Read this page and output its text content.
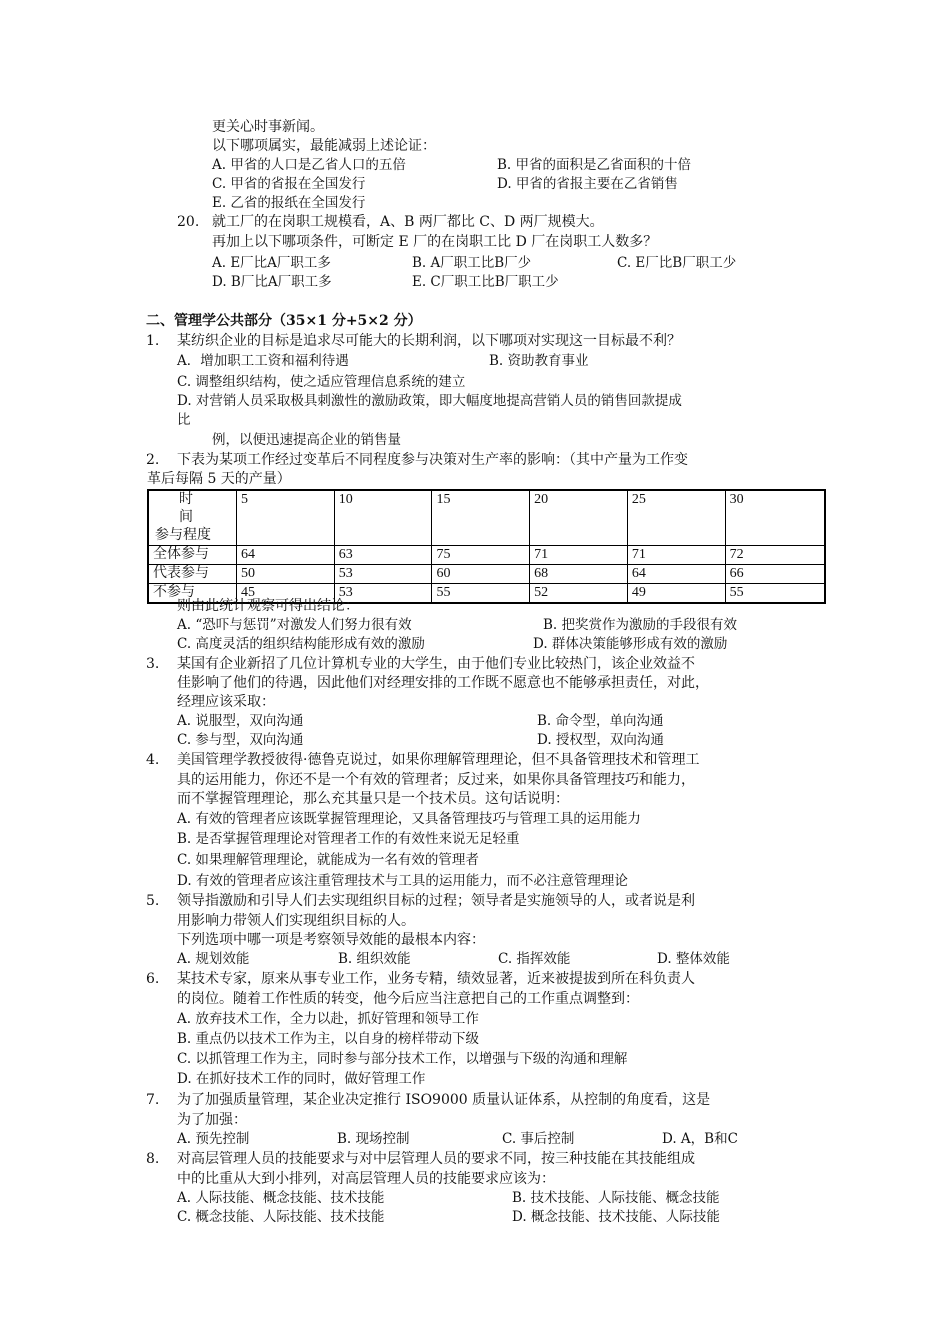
更关心时事新闻。
以下哪项属实，最能减弱上述论证：
A. 甲省的人口是乙省人口的五倍	B. 甲省的面积是乙省面积的十倍
C. 甲省的省报在全国发行	D. 甲省的省报主要在乙省销售
E. 乙省的报纸在全国发行
20. 就工厂的在岗职工规模看，A、B 两厂都比 C、D 两厂规模大。
再加上以下哪项条件，可断定 E 厂的在岗职工比 D 厂在岗职工人数多？
A. E厂比A厂职工多	B. A厂职工比B厂少	C. E厂比B厂职工少
D. B厂比A厂职工多	E. C厂职工比B厂职工少
二、管理学公共部分（35×1 分+5×2 分）
1. 某纺织企业的目标是追求尽可能大的长期利润，以下哪项对实现这一目标最不利？
A．增加职工工资和福利待遇	B. 资助教育事业
C. 调整组织结构，使之适应管理信息系统的建立
D. 对营销人员采取极具刺激性的激励政策，即大幅度地提高营销人员的销售回款提成
比
例，以便迅速提高企业的销售量
2. 下表为某项工作经过变革后不同程度参与决策对生产率的影响：（其中产量为工作变
革后每隔 5 天的产量）
时间
参与程度	5	10	15	20	25	30
全体参与	64	63	75	71	71	72
代表参与	50	53	60	68	64	66
不参与	45	53	55	52	49	55
则由此统计观察可得出结论：
A. “恐吓与惩罚”对激发人们努力很有效	B. 把奖赏作为激励的手段很有效
C. 高度灵活的组织结构能形成有效的激励	D. 群体决策能够形成有效的激励
3. 某国有企业新招了几位计算机专业的大学生，由于他们专业比较热门，该企业效益不
佳影响了他们的待遇，因此他们对经理安排的工作既不愿意也不能够承担责任，对此，
经理应该采取：
A. 说服型，双向沟通	B. 命令型，单向沟通
C. 参与型，双向沟通	D. 授权型，双向沟通
4. 美国管理学教授彼得·德鲁克说过，如果你理解管理理论，但不具备管理技术和管理工
具的运用能力，你还不是一个有效的管理者；反过来，如果你具备管理技巧和能力，
而不掌握管理理论，那么充其量只是一个技术员。这句话说明：
A. 有效的管理者应该既掌握管理理论，又具备管理技巧与管理工具的运用能力
B. 是否掌握管理理论对管理者工作的有效性来说无足轻重
C. 如果理解管理理论，就能成为一名有效的管理者
D. 有效的管理者应该注重管理技术与工具的运用能力，而不必注意管理理论
5. 领导指激励和引导人们去实现组织目标的过程；领导者是实施领导的人，或者说是利
用影响力带领人们实现组织目标的人。
下列选项中哪一项是考察领导效能的最根本内容：
A. 规划效能	B. 组织效能	C. 指挥效能	D. 整体效能
6. 某技术专家，原来从事专业工作，业务专精，绩效显著，近来被提拔到所在科负责人
的岗位。随着工作性质的转变，他今后应当注意把自己的工作重点调整到：
A. 放弃技术工作，全力以赴，抓好管理和领导工作
B. 重点仍以技术工作为主，以自身的榜样带动下级
C. 以抓管理工作为主，同时参与部分技术工作，以增强与下级的沟通和理解
D. 在抓好技术工作的同时，做好管理工作
7. 为了加强质量管理，某企业决定推行 ISO9000 质量认证体系，从控制的角度看，这是
为了加强：
A. 预先控制	B. 现场控制	C. 事后控制	D. A，B和C
8. 对高层管理人员的技能要求与对中层管理人员的要求不同，按三种技能在其技能组成
中的比重从大到小排列，对高层管理人员的技能要求应该为：
A. 人际技能、概念技能、技术技能	B. 技术技能、人际技能、概念技能
C. 概念技能、人际技能、技术技能	D. 概念技能、技术技能、人际技能
